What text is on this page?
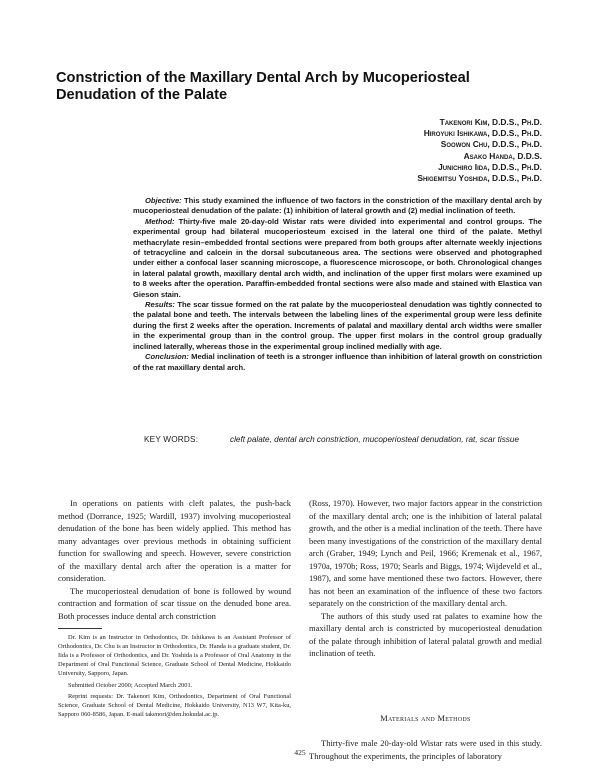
Constriction of the Maxillary Dental Arch by Mucoperiosteal Denudation of the Palate
Takenori Kim, D.D.S., Ph.D.
Hiroyuki Ishikawa, D.D.S., Ph.D.
Soowon Chu, D.D.S., Ph.D.
Asako Handa, D.D.S.
Junichiro Iida, D.D.S., Ph.D.
Shigemitsu Yoshida, D.D.S., Ph.D.

Objective: This study examined the influence of two factors in the constriction of the maxillary dental arch by mucoperiosteal denudation of the palate: (1) inhibition of lateral growth and (2) medial inclination of teeth.

Method: Thirty-five male 20-day-old Wistar rats were divided into experimental and control groups. The experimental group had bilateral mucoperiosteum excised in the lateral one third of the palate. Methyl methacrylate resin–embedded frontal sections were prepared from both groups after alternate weekly injections of tetracycline and calcein in the dorsal subcutaneous area. The sections were observed and photographed under either a confocal laser scanning microscope, a fluorescence microscope, or both. Chronological changes in lateral palatal growth, maxillary dental arch width, and inclination of the upper first molars were examined up to 8 weeks after the operation. Paraffin-embedded frontal sections were also made and stained with Elastica van Gieson stain.

Results: The scar tissue formed on the rat palate by the mucoperiosteal denudation was tightly connected to the palatal bone and teeth. The intervals between the labeling lines of the experimental group were less definite during the first 2 weeks after the operation. Increments of palatal and maxillary dental arch widths were smaller in the experimental group than in the control group. The upper first molars in the control group gradually inclined laterally, whereas those in the experimental group inclined medially with age.

Conclusion: Medial inclination of teeth is a stronger influence than inhibition of lateral growth on constriction of the rat maxillary dental arch.

KEY WORDS:	cleft palate, dental arch constriction, mucoperiosteal denudation, rat, scar tissue

In operations on patients with cleft palates, the push-back method (Dorrance, 1925; Wardill, 1937) involving mucoperiosteal denudation of the bone has been widely applied. This method has many advantages over previous methods in obtaining sufficient function for swallowing and speech. However, severe constriction of the maxillary dental arch after the operation is a matter for consideration.

The mucoperiosteal denudation of bone is followed by wound contraction and formation of scar tissue on the denuded bone area. Both processes induce dental arch constriction

Dr. Kim is an Instructor in Orthodontics, Dr. Ishikawa is an Assistant Professor of Orthodontics, Dr. Chu is an Instructor in Orthodontics, Dr. Handa is a graduate student, Dr. Iida is a Professor of Orthodontics, and Dr. Yoshida is a Professor of Oral Anatomy in the Department of Oral Functional Science, Graduate School of Dental Medicine, Hokkaido University, Sapporo, Japan.

Submitted October 2000; Accepted March 2001.

Reprint requests: Dr. Takenori Kim, Orthodontics, Department of Oral Functional Science, Graduate School of Dental Medicine, Hokkaido University, N13 W7, Kita-ku, Sapporo 060-8586, Japan. E-mail takenori@den.hokudai.ac.jp.

(Ross, 1970). However, two major factors appear in the constriction of the maxillary dental arch; one is the inhibition of lateral palatal growth, and the other is a medial inclination of the teeth. There have been many investigations of the constriction of the maxillary dental arch (Graber, 1949; Lynch and Peil, 1966; Kremenak et al., 1967, 1970a, 1970b; Ross, 1970; Searls and Biggs, 1974; Wijdeveld et al., 1987), and some have mentioned these two factors. However, there has not been an examination of the influence of these two factors separately on the constriction of the maxillary dental arch.

The authors of this study used rat palates to examine how the maxillary dental arch is constricted by mucoperiosteal denudation of the palate through inhibition of lateral palatal growth and medial inclination of teeth.

Materials and Methods

Thirty-five male 20-day-old Wistar rats were used in this study. Throughout the experiments, the principles of laboratory

425
